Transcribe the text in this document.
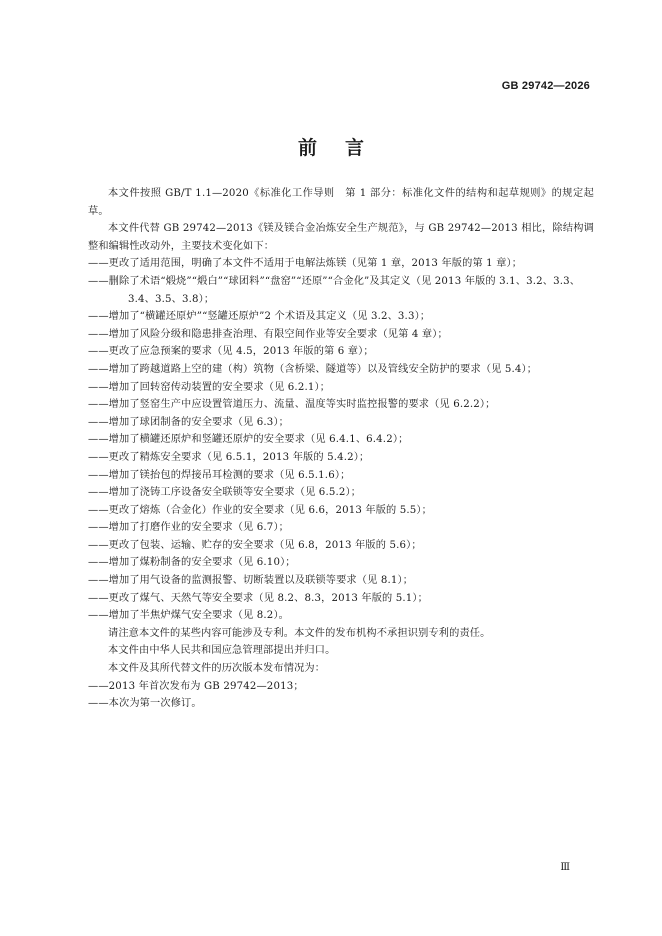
GB 29742—2026
前言

本文件按照 GB/T 1.1—2020《标准化工作导则　第 1 部分：标准化文件的结构和起草规则》的规定起草。

本文件代替 GB 29742—2013《镁及镁合金冶炼安全生产规范》，与 GB 29742—2013 相比，除结构调整和编辑性改动外，主要技术变化如下：

——更改了适用范围，明确了本文件不适用于电解法炼镁（见第 1 章，2013 年版的第 1 章）；

——删除了术语“煅烧”“煅白”“球团料”“盘窑”“还原”“合金化”及其定义（见 2013 年版的 3.1、3.2、3.3、3.4、3.5、3.8）；

——增加了“横罐还原炉”“竖罐还原炉”2 个术语及其定义（见 3.2、3.3）；

——增加了风险分级和隐患排查治理、有限空间作业等安全要求（见第 4 章）；

——更改了应急预案的要求（见 4.5，2013 年版的第 6 章）；

——增加了跨越道路上空的建（构）筑物（含桥梁、隧道等）以及管线安全防护的要求（见 5.4）；

——增加了回转窑传动装置的安全要求（见 6.2.1）；

——增加了竖窑生产中应设置管道压力、流量、温度等实时监控报警的要求（见 6.2.2）；

——增加了球团制备的安全要求（见 6.3）；

——增加了横罐还原炉和竖罐还原炉的安全要求（见 6.4.1、6.4.2）；

——更改了精炼安全要求（见 6.5.1，2013 年版的 5.4.2）；

——增加了镁抬包的焊接吊耳检测的要求（见 6.5.1.6）；

——增加了浇铸工序设备安全联锁等安全要求（见 6.5.2）；

——更改了熔炼（合金化）作业的安全要求（见 6.6，2013 年版的 5.5）；

——增加了打磨作业的安全要求（见 6.7）；

——更改了包装、运输、贮存的安全要求（见 6.8，2013 年版的 5.6）；

——增加了煤粉制备的安全要求（见 6.10）；

——增加了用气设备的监测报警、切断装置以及联锁等要求（见 8.1）；

——更改了煤气、天然气等安全要求（见 8.2、8.3，2013 年版的 5.1）；

——增加了半焦炉煤气安全要求（见 8.2）。

请注意本文件的某些内容可能涉及专利。本文件的发布机构不承担识别专利的责任。

本文件由中华人民共和国应急管理部提出并归口。

本文件及其所代替文件的历次版本发布情况为：

——2013 年首次发布为 GB 29742—2013；

——本次为第一次修订。

Ⅲ
